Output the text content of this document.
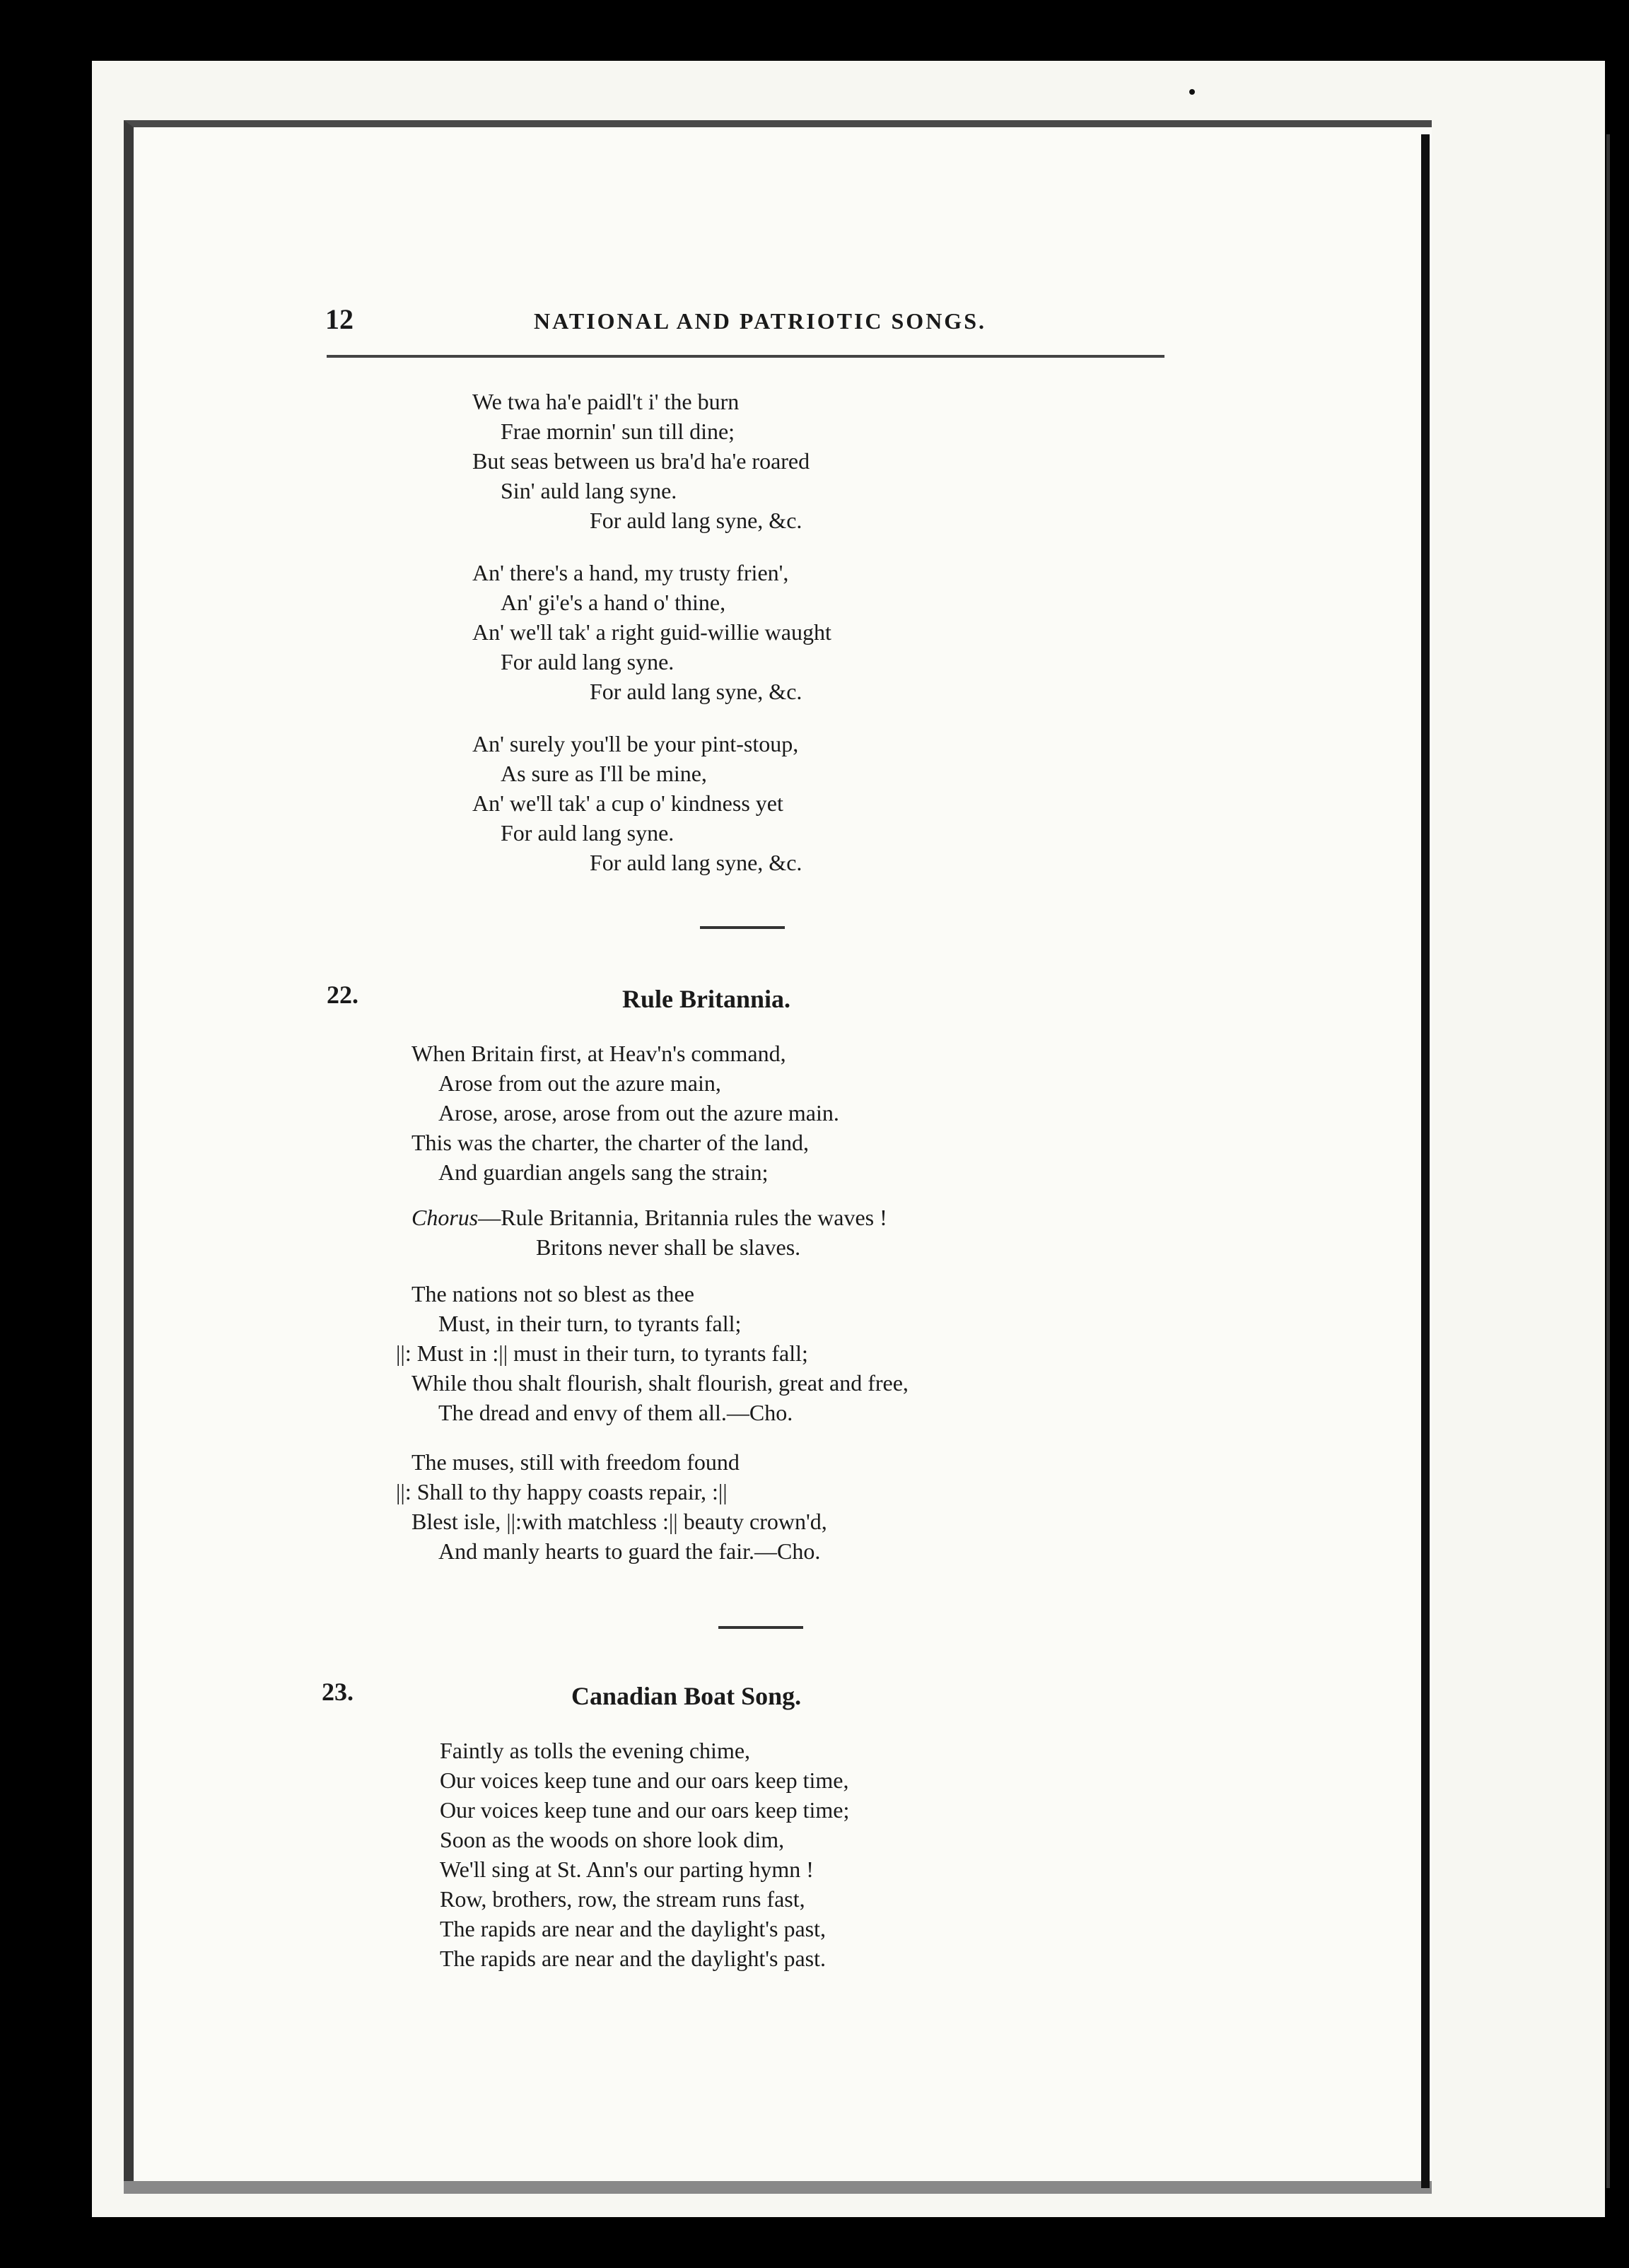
12	NATIONAL AND PATRIOTIC SONGS.
We twa ha'e paidl't i' the burn
Frae mornin' sun till dine;
But seas between us bra'd ha'e roared
Sin' auld lang syne.
For auld lang syne, &c.
An' there's a hand, my trusty frien',
An' gi'e's a hand o' thine,
An' we'll tak' a right guid-willie waught
For auld lang syne.
For auld lang syne, &c.
An' surely you'll be your pint-stoup,
As sure as I'll be mine,
An' we'll tak' a cup o' kindness yet
For auld lang syne.
For auld lang syne, &c.
22.	Rule Britannia.
When Britain first, at Heav'n's command,
Arose from out the azure main,
Arose, arose, arose from out the azure main.
This was the charter, the charter of the land,
And guardian angels sang the strain;
Chorus—Rule Britannia, Britannia rules the waves !
Britons never shall be slaves.
The nations not so blest as thee
Must, in their turn, to tyrants fall;
||: Must in :|| must in their turn, to tyrants fall;
While thou shalt flourish, shalt flourish, great and free,
The dread and envy of them all.—Cho.
The muses, still with freedom found
||: Shall to thy happy coasts repair, :||
Blest isle, ||:with matchless :|| beauty crown'd,
And manly hearts to guard the fair.—Cho.
23.	Canadian Boat Song.
Faintly as tolls the evening chime,
Our voices keep tune and our oars keep time,
Our voices keep tune and our oars keep time;
Soon as the woods on shore look dim,
We'll sing at St. Ann's our parting hymn !
Row, brothers, row, the stream runs fast,
The rapids are near and the daylight's past,
The rapids are near and the daylight's past.
